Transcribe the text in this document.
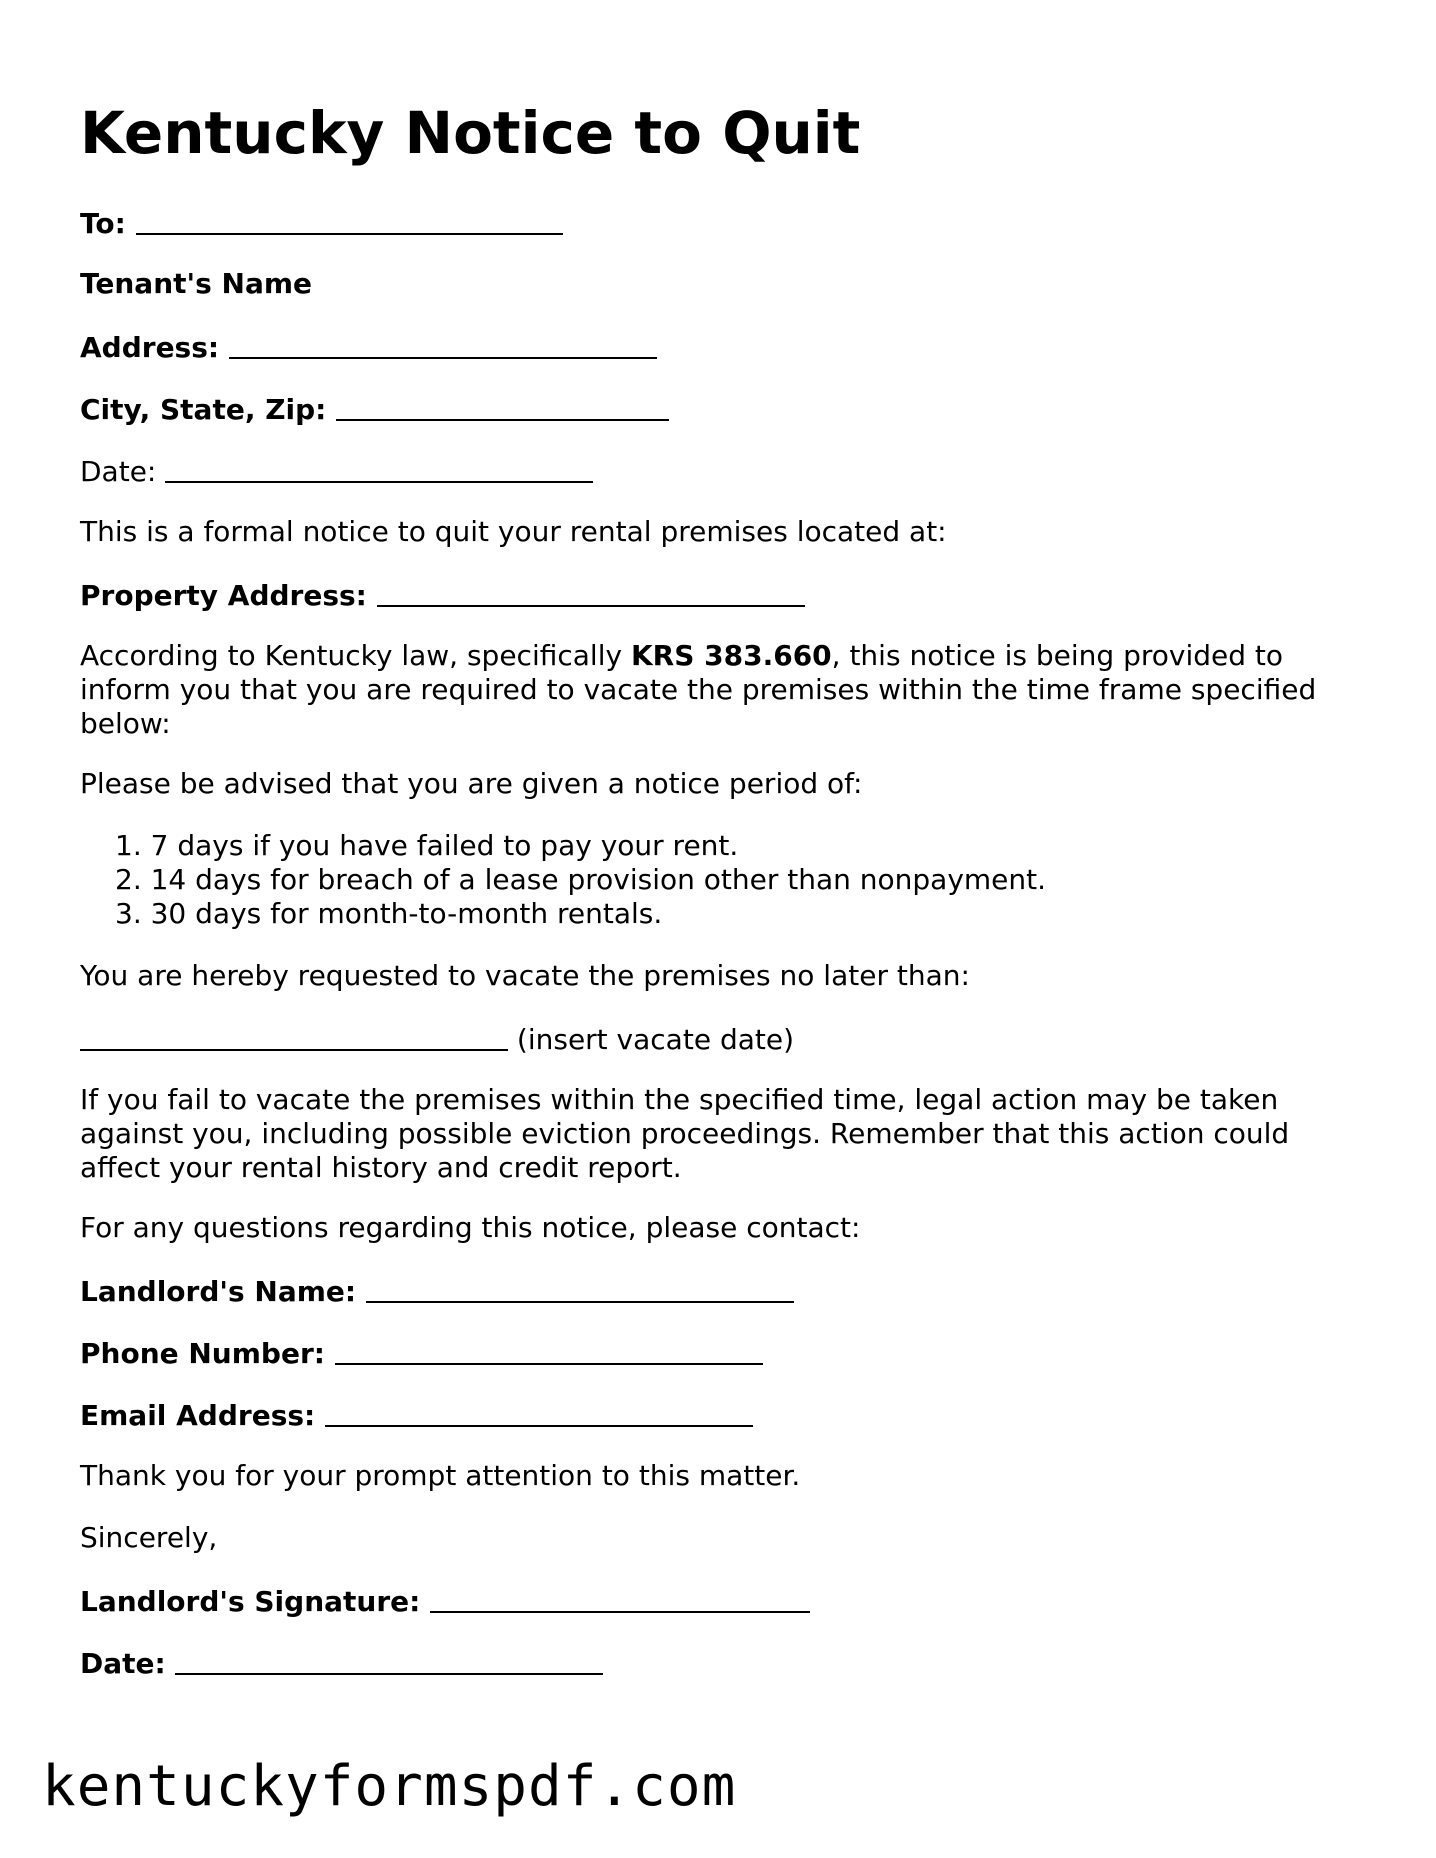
Kentucky Notice to Quit
To:
Tenant's Name
Address:
City, State, Zip:
Date:
This is a formal notice to quit your rental premises located at:
Property Address:
According to Kentucky law, specifically KRS 383.660, this notice is being provided to inform you that you are required to vacate the premises within the time frame specified below:
Please be advised that you are given a notice period of:
1. 7 days if you have failed to pay your rent.
2. 14 days for breach of a lease provision other than nonpayment.
3. 30 days for month-to-month rentals.
You are hereby requested to vacate the premises no later than:
(insert vacate date)
If you fail to vacate the premises within the specified time, legal action may be taken against you, including possible eviction proceedings. Remember that this action could affect your rental history and credit report.
For any questions regarding this notice, please contact:
Landlord's Name:
Phone Number:
Email Address:
Thank you for your prompt attention to this matter.
Sincerely,
Landlord's Signature:
Date:
kentuckyformspdf.com
